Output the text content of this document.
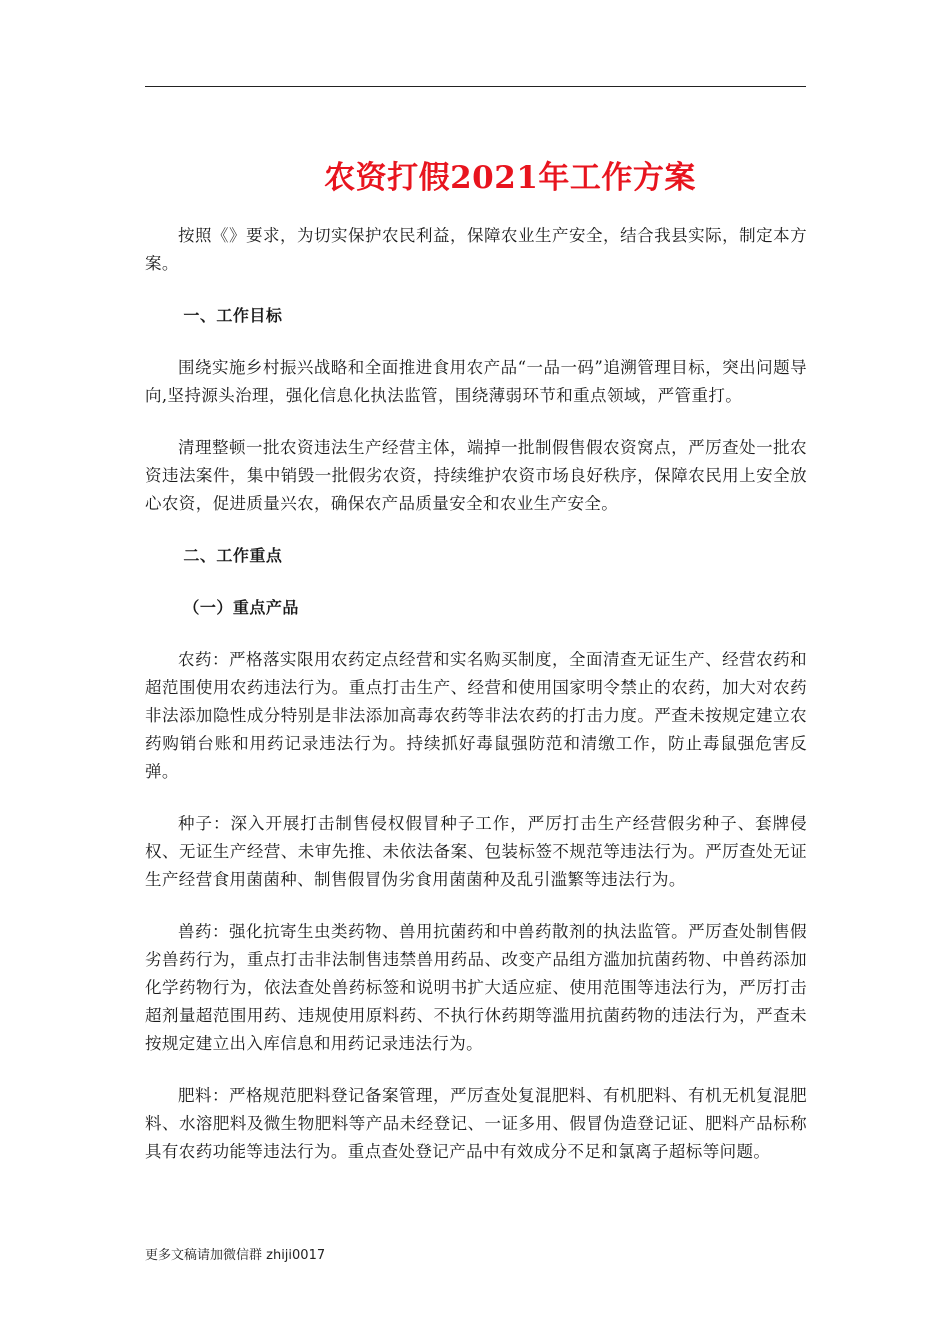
农资打假2021年工作方案

按照《》要求，为切实保护农民利益，保障农业生产安全，结合我县实际，制定本方案。

一、工作目标

围绕实施乡村振兴战略和全面推进食用农产品“一品一码”追溯管理目标，突出问题导向,坚持源头治理，强化信息化执法监管，围绕薄弱环节和重点领域，严管重打。

清理整顿一批农资违法生产经营主体，端掉一批制假售假农资窝点，严厉查处一批农资违法案件，集中销毁一批假劣农资，持续维护农资市场良好秩序，保障农民用上安全放心农资，促进质量兴农，确保农产品质量安全和农业生产安全。

二、工作重点

（一）重点产品

农药：严格落实限用农药定点经营和实名购买制度，全面清查无证生产、经营农药和超范围使用农药违法行为。重点打击生产、经营和使用国家明令禁止的农药，加大对农药非法添加隐性成分特别是非法添加高毒农药等非法农药的打击力度。严查未按规定建立农药购销台账和用药记录违法行为。持续抓好毒鼠强防范和清缴工作，防止毒鼠强危害反弹。

种子：深入开展打击制售侵权假冒种子工作，严厉打击生产经营假劣种子、套牌侵权、无证生产经营、未审先推、未依法备案、包装标签不规范等违法行为。严厉查处无证生产经营食用菌菌种、制售假冒伪劣食用菌菌种及乱引滥繁等违法行为。

兽药：强化抗寄生虫类药物、兽用抗菌药和中兽药散剂的执法监管。严厉查处制售假劣兽药行为，重点打击非法制售违禁兽用药品、改变产品组方滥加抗菌药物、中兽药添加化学药物行为，依法查处兽药标签和说明书扩大适应症、使用范围等违法行为，严厉打击超剂量超范围用药、违规使用原料药、不执行休药期等滥用抗菌药物的违法行为，严查未按规定建立出入库信息和用药记录违法行为。

肥料：严格规范肥料登记备案管理，严厉查处复混肥料、有机肥料、有机无机复混肥料、水溶肥料及微生物肥料等产品未经登记、一证多用、假冒伪造登记证、肥料产品标称具有农药功能等违法行为。重点查处登记产品中有效成分不足和氯离子超标等问题。

更多文稿请加微信群 zhiji0017
